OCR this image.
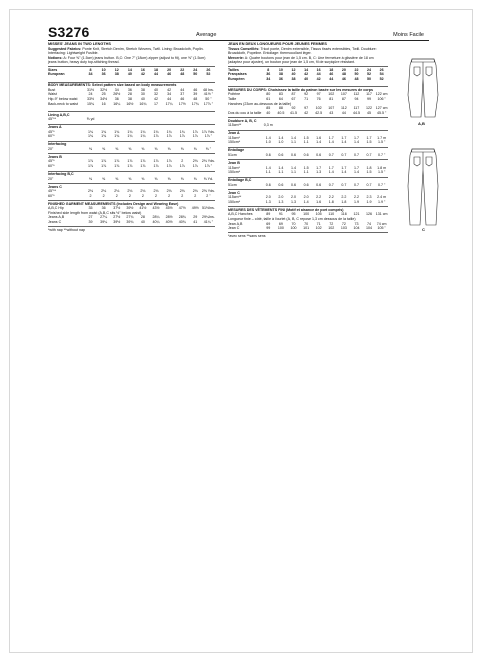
S3276	Average	Moins Facile
MISSES' JEANS IN TWO LENGTHS
Suggested Fabrics: Ponte Knit, Stretch Denim, Stretch Wovens, Twill. Lining: Broadcloth, Poplin. Interfacing: Lightweight Fusible.
Notions: A: Four ⅝" (1.5cm) jeans button. B,C: One 7" (18cm) zipper (adjust to fit), one ⅝" (1.5cm) jeans button, heavy duty top-stitching thread.
Sizes	8	10	12	14	16	18	20	22	24	26
European	34	36	38	40	42	44	46	48	50	52
BODY MEASUREMENTS: Select pattern size based on body measurements
Bust	31½	32½	34	36	38	40	42	44	46	48 Ins.
Waist	24	25	26½	28	30	32	34	37	39	41½ "
Hip-9" below waist	33½	34½	36	38	40	42	44	46	48	50 "
Back-neck to waist	15¾	16	16¼	16½	16¾	17	17¼	17½	17¾	17⅞ "
Lining A,B,C
45"**	⅝ yd
Jeans A
45"*	1¾	1¾	1¾	1¾	1¾	1¾	1¾	1¾	1⅞	1⅞ Yds.
60"*	1¾	1¾	1¾	1¾	1¾	1⅞	1⅞	1⅞	1⅞	1⅞ "
Interfacing
20"	⅜	⅜	⅜	⅜	⅜	⅜	⅜	⅜	⅜	⅜ "
Jeans B
45"*	1⅞	1⅞	1⅞	1⅞	1⅞	1⅞	1⅞	2	2⅛	2⅛ Yds.
60"*	1⅞	1⅞	1⅞	1⅞	1⅞	1⅞	1⅞	1⅞	1⅞	1⅞ "
Interfacing B,C
20"	⅜	⅜	⅜	⅜	⅜	⅜	⅜	⅜	⅜	⅜ Yd.
Jeans C
45"**	2⅛	2⅛	2⅛	2⅛	2⅛	2⅛	2⅛	2⅛	2⅛	2⅝ Yds.
60"*	2	2	2	2	2	2	2	2	2	2 "
FINISHED GARMENT MEASUREMENTS (includes Design and Wearing Ease)
A,B,C Hip	35	36	37½	39½	41½	43½	45½	47½	49½ 51½Ins.
Finished side length from waist (A,B,C sits ½" below waist)
Jeans A,B	27	27¼	27½	27¾	28	28¼	28½	28¾	29	29¼Ins.
Jeans C	39	39¼	39½	39¾	40	40¼	40½	40¾	41	41¼ "
*with nap **without nap
JEAN EN DEUX LONGUEURS POUR JEUNES FEMMES
Tissus Conseillés: Tricot ponte, Denim extensible, Tissus tissés extensibles, Twill. Doublure: Broadcloth, Popeline. Entoilage: thermocollant léger.
Mercerie: A: Quatre boutons pour jean de 1,5 cm. B, C: Une fermeture à glissière de 18 cm (adaptez pour ajuster), un bouton pour jean de 1,5 cm, fil de surpiqûre résistant.
Tailles	8	10	12	14	16	18	20	22	24	26
Françaises	36	38	40	42	44	46	48	50	52	54
Européen	34	36	38	40	42	44	46	48	50	52
MESURES DU CORPS: Choisissez la taille du patron basée sur les mesures de corps
Poitrine	80	83	87	92	97	102	107	112	117	122 cm
Taille	61	64	67	71	76	81	87	94	99	106 "
Hanches (23cm au-dessous de la taille)
85	88	92	97	102	107	112	117	122	127 cm
Dos du cou à la taille	40	40.5	41.5	42	42.5	43	44	44.5	45	45.5 "
Doublure A, B, C
115cm**	0,3 m
Jean A
115cm*	1.4	1.4	1.4	1.5	1.6	1.7	1.7	1.7	1.7	1.7 m
150cm*	1.0	1.0	1.1	1.1	1.4	1.4	1.4	1.4	1.5	1.5 "
Entoilage
51cm	0.6	0.6	0.6	0.6	0.6	0.7	0.7	0.7	0.7	0.7 "
Jean B
115cm*	1.4	1.4	1.4	1.5	1.7	1.7	1.7	1.7	1.8	1.8 m
150cm*	1.1	1.1	1.1	1.1	1.3	1.4	1.4	1.4	1.5	1.5 "
Entoilage B,C
51cm	0.6	0.6	0.6	0.6	0.6	0.7	0.7	0.7	0.7	0.7 "
Jean C
115cm**	2.0	2.0	2.0	2.0	2.2	2.2	2.2	2.2	2.3	2.4 m
150cm*	1.3	1.3	1.3	1.4	1.6	1.8	1.8	1.9	1.9	1.9 "
MESURES DES VÊTEMENTS FINI (Motif et aisance de port compris)
A,B,C Hanches	89	91	95	100	105	110	116	121	126	131 cm
Longueur finie – côté, taille à l'ourlet (A, B, C repose 1,3 cm dessous de la taille)
Jean A,B	69	69	70	70	71	72	72	73	74	74 cm
Jean C	99	100	100	101	102	102	103	104	104	105 "
*avec sens **sans sens
A,B
C
